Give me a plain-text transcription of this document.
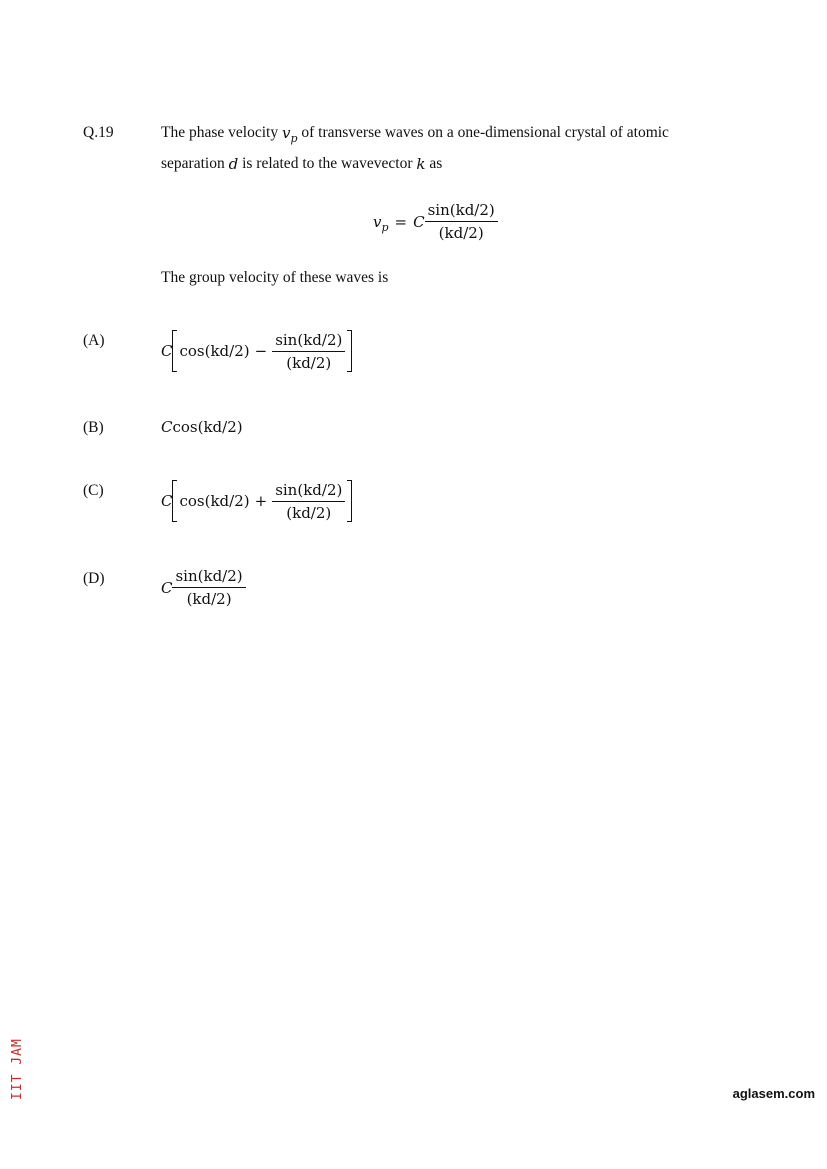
Q.19	The phase velocity
$v_p$
of transverse waves on a one-dimensional crystal of atomic
separation
d
is related to the wavevector
k
as
$v_p = C \frac{\sin(kd/2)}{(kd/2)}$
The group velocity of these waves is
(A)
C $\cos(kd/2) - \frac{\sin(kd/2)}{(kd/2)}$
(B)	C cos(kd/2)
(C)
C $\cos(kd/2) + \frac{\sin(kd/2)}{(kd/2)}$
(D)	C $\frac{\sin(kd/2)}{(kd/2)}$
IIT JAM	aglasem.com
